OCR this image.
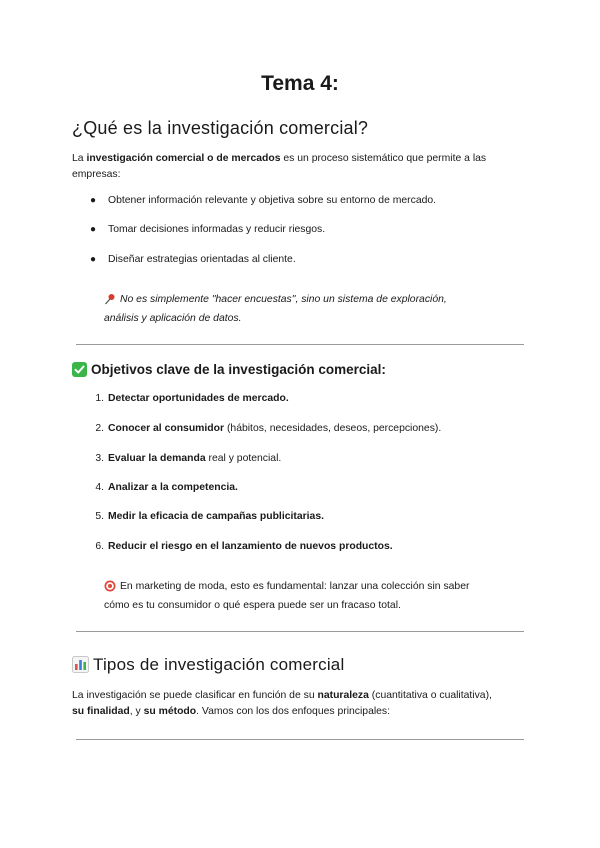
Tema 4:
¿Qué es la investigación comercial?
La investigación comercial o de mercados es un proceso sistemático que permite a las
empresas:
● Obtener información relevante y objetiva sobre su entorno de mercado.
● Tomar decisiones informadas y reducir riesgos.
● Diseñar estrategias orientadas al cliente.
No es simplemente "hacer encuestas", sino un sistema de exploración,
análisis y aplicación de datos.
Objetivos clave de la investigación comercial:
1. Detectar oportunidades de mercado.
2. Conocer al consumidor (hábitos, necesidades, deseos, percepciones).
3. Evaluar la demanda real y potencial.
4. Analizar a la competencia.
5. Medir la eficacia de campañas publicitarias.
6. Reducir el riesgo en el lanzamiento de nuevos productos.
En marketing de moda, esto es fundamental: lanzar una colección sin saber
cómo es tu consumidor o qué espera puede ser un fracaso total.
Tipos de investigación comercial
La investigación se puede clasificar en función de su naturaleza (cuantitativa o cualitativa),
su finalidad, y su método. Vamos con los dos enfoques principales:
